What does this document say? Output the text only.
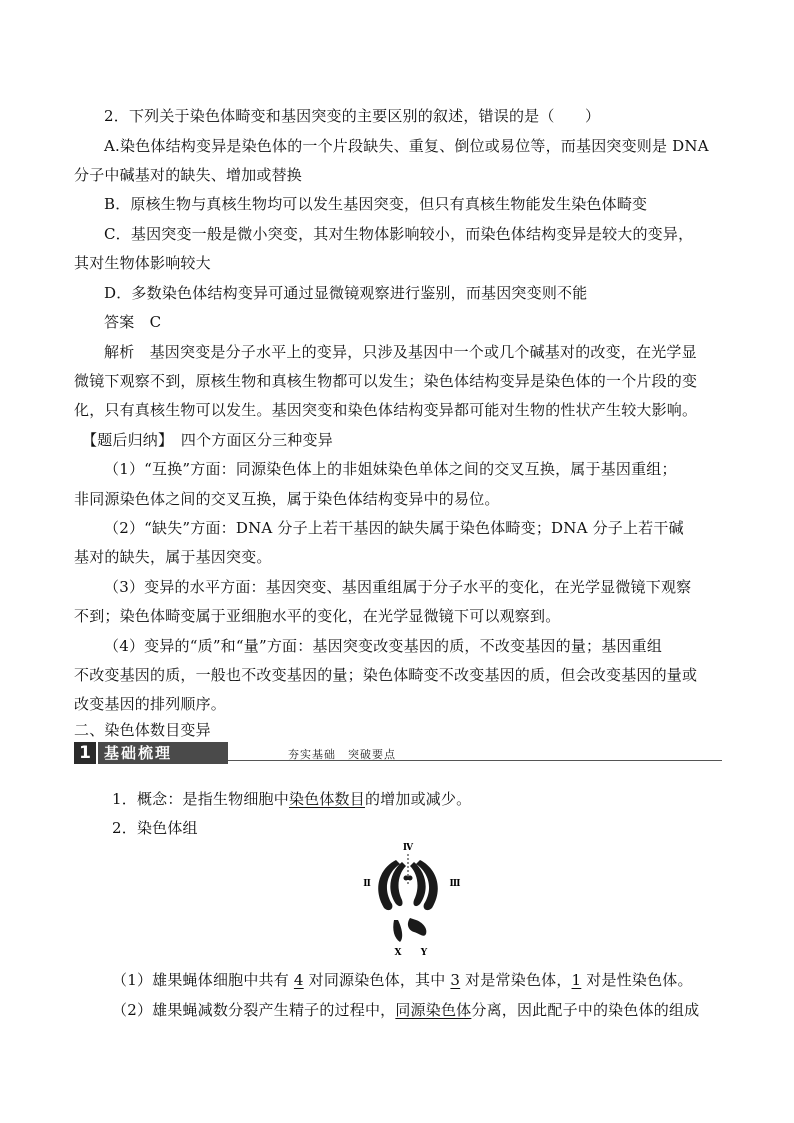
2．下列关于染色体畸变和基因突变的主要区别的叙述，错误的是（　　）
A.染色体结构变异是染色体的一个片段缺失、重复、倒位或易位等，而基因突变则是 DNA
分子中碱基对的缺失、增加或替换
B．原核生物与真核生物均可以发生基因突变，但只有真核生物能发生染色体畸变
C．基因突变一般是微小突变，其对生物体影响较小，而染色体结构变异是较大的变异，
其对生物体影响较大
D．多数染色体结构变异可通过显微镜观察进行鉴别，而基因突变则不能
答案　C
解析　基因突变是分子水平上的变异，只涉及基因中一个或几个碱基对的改变，在光学显
微镜下观察不到，原核生物和真核生物都可以发生；染色体结构变异是染色体的一个片段的变
化，只有真核生物可以发生。基因突变和染色体结构变异都可能对生物的性状产生较大影响。
【题后归纳】　四个方面区分三种变异
（1）“互换”方面：同源染色体上的非姐妹染色单体之间的交叉互换，属于基因重组；
非同源染色体之间的交叉互换，属于染色体结构变异中的易位。
（2）“缺失”方面：DNA 分子上若干基因的缺失属于染色体畸变；DNA 分子上若干碱
基对的缺失，属于基因突变。
（3）变异的水平方面：基因突变、基因重组属于分子水平的变化，在光学显微镜下观察
不到；染色体畸变属于亚细胞水平的变化，在光学显微镜下可以观察到。
（4）变异的“质”和“量”方面：基因突变改变基因的质，不改变基因的量；基因重组
不改变基因的质，一般也不改变基因的量；染色体畸变不改变基因的质，但会改变基因的量或
改变基因的排列顺序。
二、染色体数目变异
1 基础梳理	夯实基础　突破要点
1．概念：是指生物细胞中染色体数目的增加或减少。
2．染色体组
Ⅳ
Ⅱ	Ⅲ
X Y
（1）雄果蝇体细胞中共有 4 对同源染色体，其中 3 对是常染色体，1 对是性染色体。
（2）雄果蝇减数分裂产生精子的过程中，同源染色体分离，因此配子中的染色体的组成
